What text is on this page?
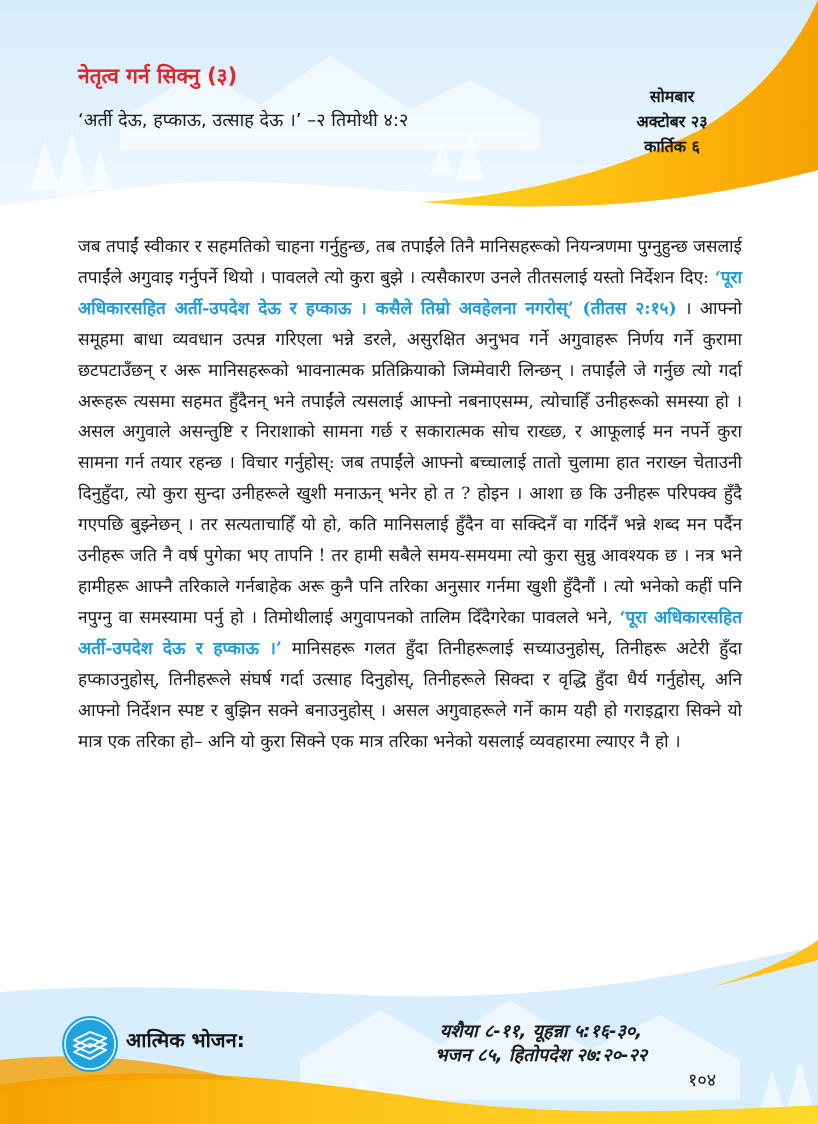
नेतृत्व गर्न सिक्नु (३)
‘अर्ती देऊ, हप्काऊ, उत्साह देऊ ।’ –२ तिमोथी ४:२
सोमबार
अक्टोबर २३
कार्तिक ६
जब तपाईं स्वीकार र सहमतिको चाहना गर्नुहुन्छ, तब तपाईंले तिनै मानिसहरूको नियन्त्रणमा पुग्नुहुन्छ जसलाई तपाईंले अगुवाइ गर्नुपर्ने थियो । पावलले त्यो कुरा बुझे । त्यसैकारण उनले तीतसलाई यस्तो निर्देशन दिए: ‘पूरा अधिकारसहित अर्ती-उपदेश देऊ र हप्काऊ । कसैले तिम्रो अवहेलना नगरोस्’ (तीतस २:१५) । आफ्नो समूहमा बाधा व्यवधान उत्पन्न गरिएला भन्ने डरले, असुरक्षित अनुभव गर्ने अगुवाहरू निर्णय गर्ने कुरामा छटपटाउँछन् र अरू मानिसहरूको भावनात्मक प्रतिक्रियाको जिम्मेवारी लिन्छन् । तपाईंले जे गर्नुछ त्यो गर्दा अरूहरू त्यसमा सहमत हुँदैनन् भने तपाईंले त्यसलाई आफ्नो नबनाएसम्म, त्योचाहिँ उनीहरूको समस्या हो । असल अगुवाले असन्तुष्टि र निराशाको सामना गर्छ र सकारात्मक सोच राख्छ, र आफूलाई मन नपर्ने कुरा सामना गर्न तयार रहन्छ । विचार गर्नुहोस्: जब तपाईंले आफ्नो बच्चालाई तातो चुलामा हात नराख्न चेताउनी दिनुहुँदा, त्यो कुरा सुन्दा उनीहरूले खुशी मनाऊन् भनेर हो त ? होइन । आशा छ कि उनीहरू परिपक्व हुँदै गएपछि बुझ्नेछन् । तर सत्यताचाहिँ यो हो, कति मानिसलाई हुँदैन वा सक्दिनँ वा गर्दिनँ भन्ने शब्द मन पर्दैन उनीहरू जति नै वर्ष पुगेका भए तापनि ! तर हामी सबैले समय-समयमा त्यो कुरा सुन्नु आवश्यक छ । नत्र भने हामीहरू आफ्नै तरिकाले गर्नबाहेक अरू कुनै पनि तरिका अनुसार गर्नमा खुशी हुँदैनौं । त्यो भनेको कहीं पनि नपुग्नु वा समस्यामा पर्नु हो । तिमोथीलाई अगुवापनको तालिम दिँदैगरेका पावलले भने, ‘पूरा अधिकारसहित अर्ती-उपदेश देऊ र हप्काऊ ।’ मानिसहरू गलत हुँदा तिनीहरूलाई सच्याउनुहोस्, तिनीहरू अटेरी हुँदा हप्काउनुहोस्, तिनीहरूले संघर्ष गर्दा उत्साह दिनुहोस्, तिनीहरूले सिक्दा र वृद्धि हुँदा धैर्य गर्नुहोस्, अनि आफ्नो निर्देशन स्पष्ट र बुझिन सक्ने बनाउनुहोस् । असल अगुवाहरूले गर्ने काम यही हो गराइद्वारा सिक्ने यो मात्र एक तरिका हो– अनि यो कुरा सिक्ने एक मात्र तरिका भनेको यसलाई व्यवहारमा ल्याएर नै हो ।
आत्मिक भोजन:	यशैया ८-११, यूहन्ना ५:१६-३०,
भजन ८५, हितोपदेश २७:२०-२२
१०४
